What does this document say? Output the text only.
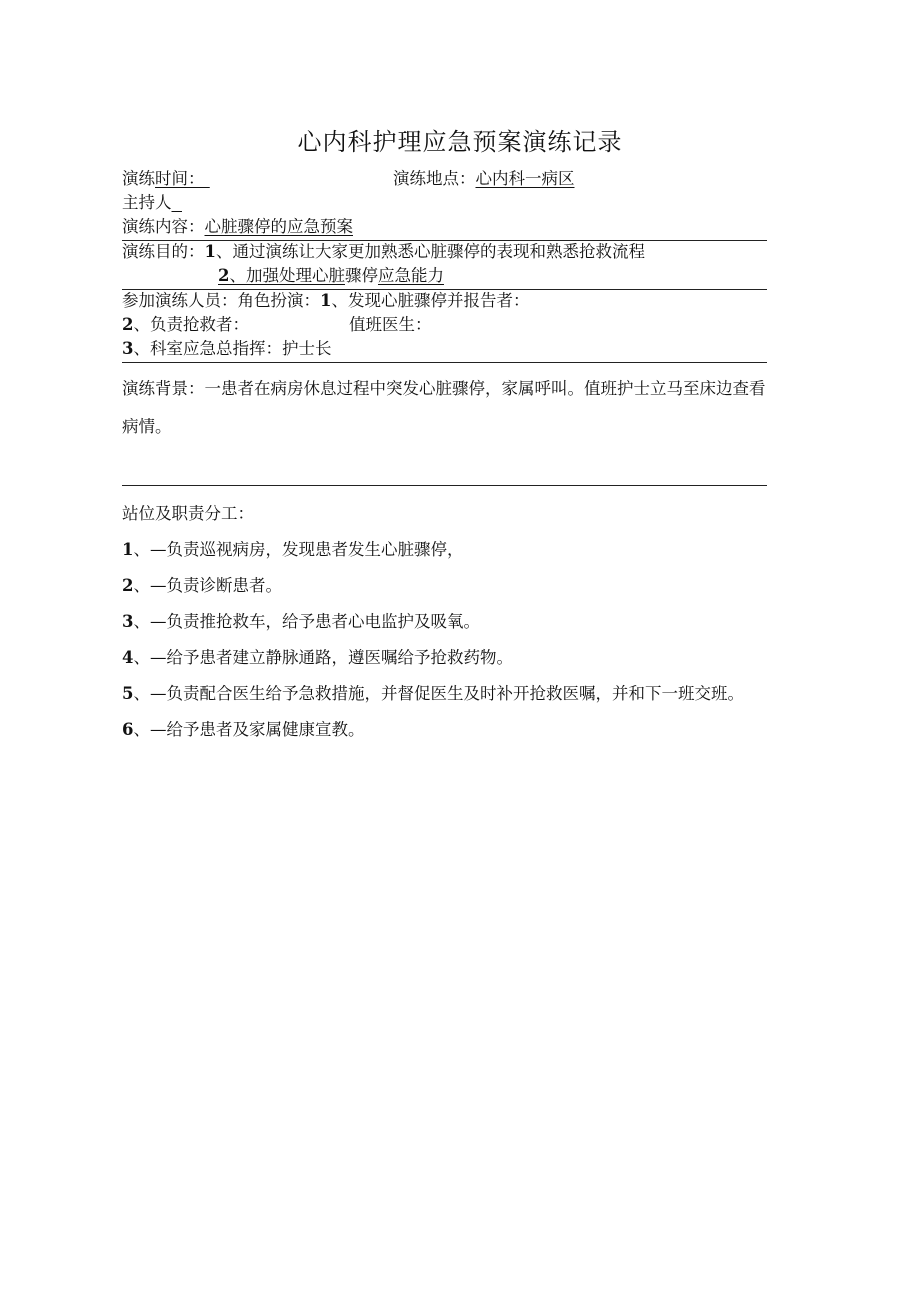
心内科护理应急预案演练记录
演练时间：	演练地点：心内科一病区
主持人
演练内容：心脏骤停的应急预案
演练目的：1、通过演练让大家更加熟悉心脏骤停的表现和熟悉抢救流程
2、加强处理心脏骤停应急能力
参加演练人员：角色扮演：1、发现心脏骤停并报告者：
2、负责抢救者：	值班医生：
3、科室应急总指挥：护士长
演练背景：一患者在病房休息过程中突发心脏骤停，家属呼叫。值班护士立马至床边查看病情。

站位及职责分工：

1、—负责巡视病房，发现患者发生心脏骤停，

2、—负责诊断患者。

3、—负责推抢救车，给予患者心电监护及吸氧。

4、—给予患者建立静脉通路，遵医嘱给予抢救药物。

5、—负责配合医生给予急救措施，并督促医生及时补开抢救医嘱，并和下一班交班。

6、—给予患者及家属健康宣教。
